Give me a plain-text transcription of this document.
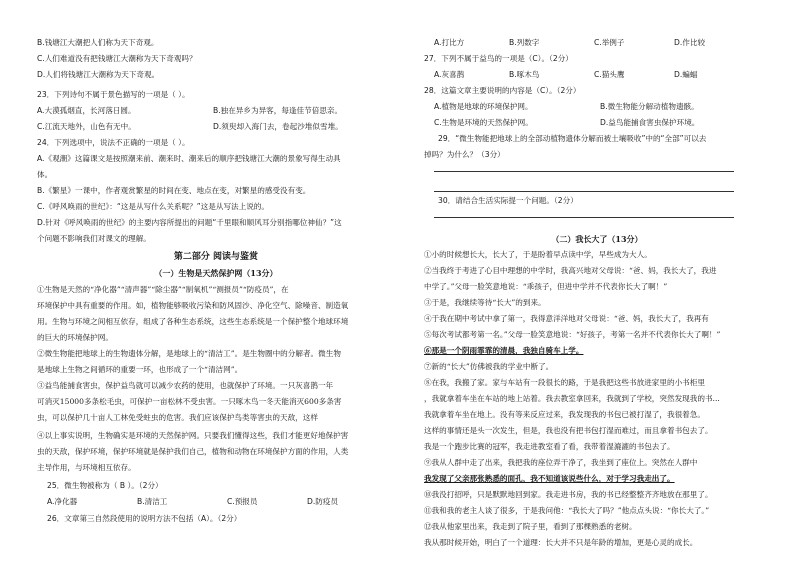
B.钱塘江大潮把人们称为天下奇观。
C.人们难道没有把钱塘江大潮称为天下奇观吗？
D.人们将钱塘江大潮称为天下奇观。
23．下列诗句不属于景色描写的一项是（ ）。
A.大漠孤烟直，长河落日圆。	B.独在异乡为异客，每逢佳节倍思亲。
C.江流天地外，山色有无中。	D.须臾却入海门去，卷起沙堆似雪堆。
24．下列选项中，说法不正确的一项是（ ）。
A.《观潮》这篇课文是按照潮来前、潮来时、潮来后的顺序把钱塘江大潮的景象写得生动具
体。
B.《繁星》一课中，作者观赏繁星的时间在变、地点在变，对繁星的感受没有变。
C.《呼风唤雨的世纪》：“这是从写什么关系呢？”这是从写法上说的。
D.针对《呼风唤雨的世纪》的主要内容所提出的问题“千里眼和顺风耳分别指哪位神仙？”这
个问题不影响我们对课文的理解。
第二部分 阅读与鉴赏
（一）生物是天然保护网（13分）
①生物是天然的“净化器”“清声器”“除尘器”“制氧机”“测报员”“防疫员”，在
环境保护中具有重要的作用。如，植物能够吸收污染和防风固沙、净化空气、除噪音、制造氧
用。生物与环境之间相互依存，组成了各种生态系统，这些生态系统是一个保护整个地球环境
的巨大的环境保护网。
②微生物能把地球上的生物遗体分解，是地球上的“清洁工”。是生物圈中的分解者。微生物
是地球上生物之间循环的重要一环，也形成了一个“清洁网”。
③益鸟能捕食害虫，保护益鸟就可以减少农药的使用，也就保护了环境。一只灰喜鹊一年
可消灭15000多条松毛虫，可保护一亩松林不受虫害。一只啄木鸟一冬天能消灭600多条害
虫，可以保护几十亩人工林免受蛀虫的危害。我们应该保护鸟类等害虫的天敌，这样
④以上事实说明，生物确实是环境的天然保护网。只要我们懂得这些，我们才能更好地保护害
虫的天敌，保护环境，保护环境就是保护我们自己，植物和动物在环境保护方面的作用，人类
主导作用，与环境相互依存。
25．微生物被称为（ B ）。（2分）
A.净化器	B.清洁工	C.预报员	D.防疫员
26．文章第三自然段使用的说明方法不包括（A）。（2分）
A.打比方	B.列数字	C.举例子	D.作比较
27．下列不属于益鸟的一项是（C）。（2分）
A.灰喜鹊	B.啄木鸟	C.猫头鹰	D.蝙蝠
28．这篇文章主要说明的内容是（C）。（2分）
A.植物是地球的环境保护网。	B.微生物能分解动植物遗骸。
C.生物是环境的天然保护网。	D.益鸟能捕食害虫保护环境。
29．“微生物能把地球上的全部动植物遗体分解而被土壤吸收”中的“全部”可以去
掉吗？为什么？（3分）
30．请结合生活实际提一个问题。（2分）
（二）我长大了（13分）
①小的时候想长大，长大了，于是盼着早点读中学，早些成为大人。
②当我终于考进了心目中理想的中学时，我高兴地对父母说：“爸、妈，我长大了，我进
中学了。”父母一脸笑意地说：“乖孩子，但进中学并不代表你长大了啊！”
③于是，我继续等待“长大”的到来。
④于我在期中考试中拿了第一，我得意洋洋地对父母说：“爸、妈，我长大了，我再有
⑤每次考试都考第一名。”父母一脸笑意地说：“好孩子，考第一名并不代表你长大了啊！”
⑥那是一个阴雨霏霏的清晨，我独自骑车上学。
⑦新的“长大”仿佛被我的学业中断了。
⑧在我，我搬了家。家与车站有一段很长的路，于是我把这些书放进家里的小书柜里
，我就拿着车坐在车站的地上站着。我去教室拿回来，我就到了学校，突然发现我的书...
我就拿着车坐在地上。没有等来反应过来，我发现我的书包已被打湿了，我很着急。
这样的事情还是头一次发生，但是，我也没有把书包打湿而难过，而且拿着书包去了。
我是一个跑步比赛的冠军，我走进教室看了看，我带着湿漉漉的书包去了。
⑨我从人群中走了出来，我把我的座位弄干净了，我坐到了座位上。突然在人群中
我发现了父亲那张熟悉的面孔，我不知道该说些什么，对于学习我走出了。
⑩我没打招呼，只是默默地回到家。我走进书房，我的书已经整整齐齐地放在那里了。
⑪我和我的老主人谈了很多，于是我问他：“我长大了吗？”他点点头说：“你长大了。”
⑫我从他家里出来，我走到了院子里，看到了那棵熟悉的老树。
我从那时候开始，明白了一个道理：长大并不只是年龄的增加，更是心灵的成长。
